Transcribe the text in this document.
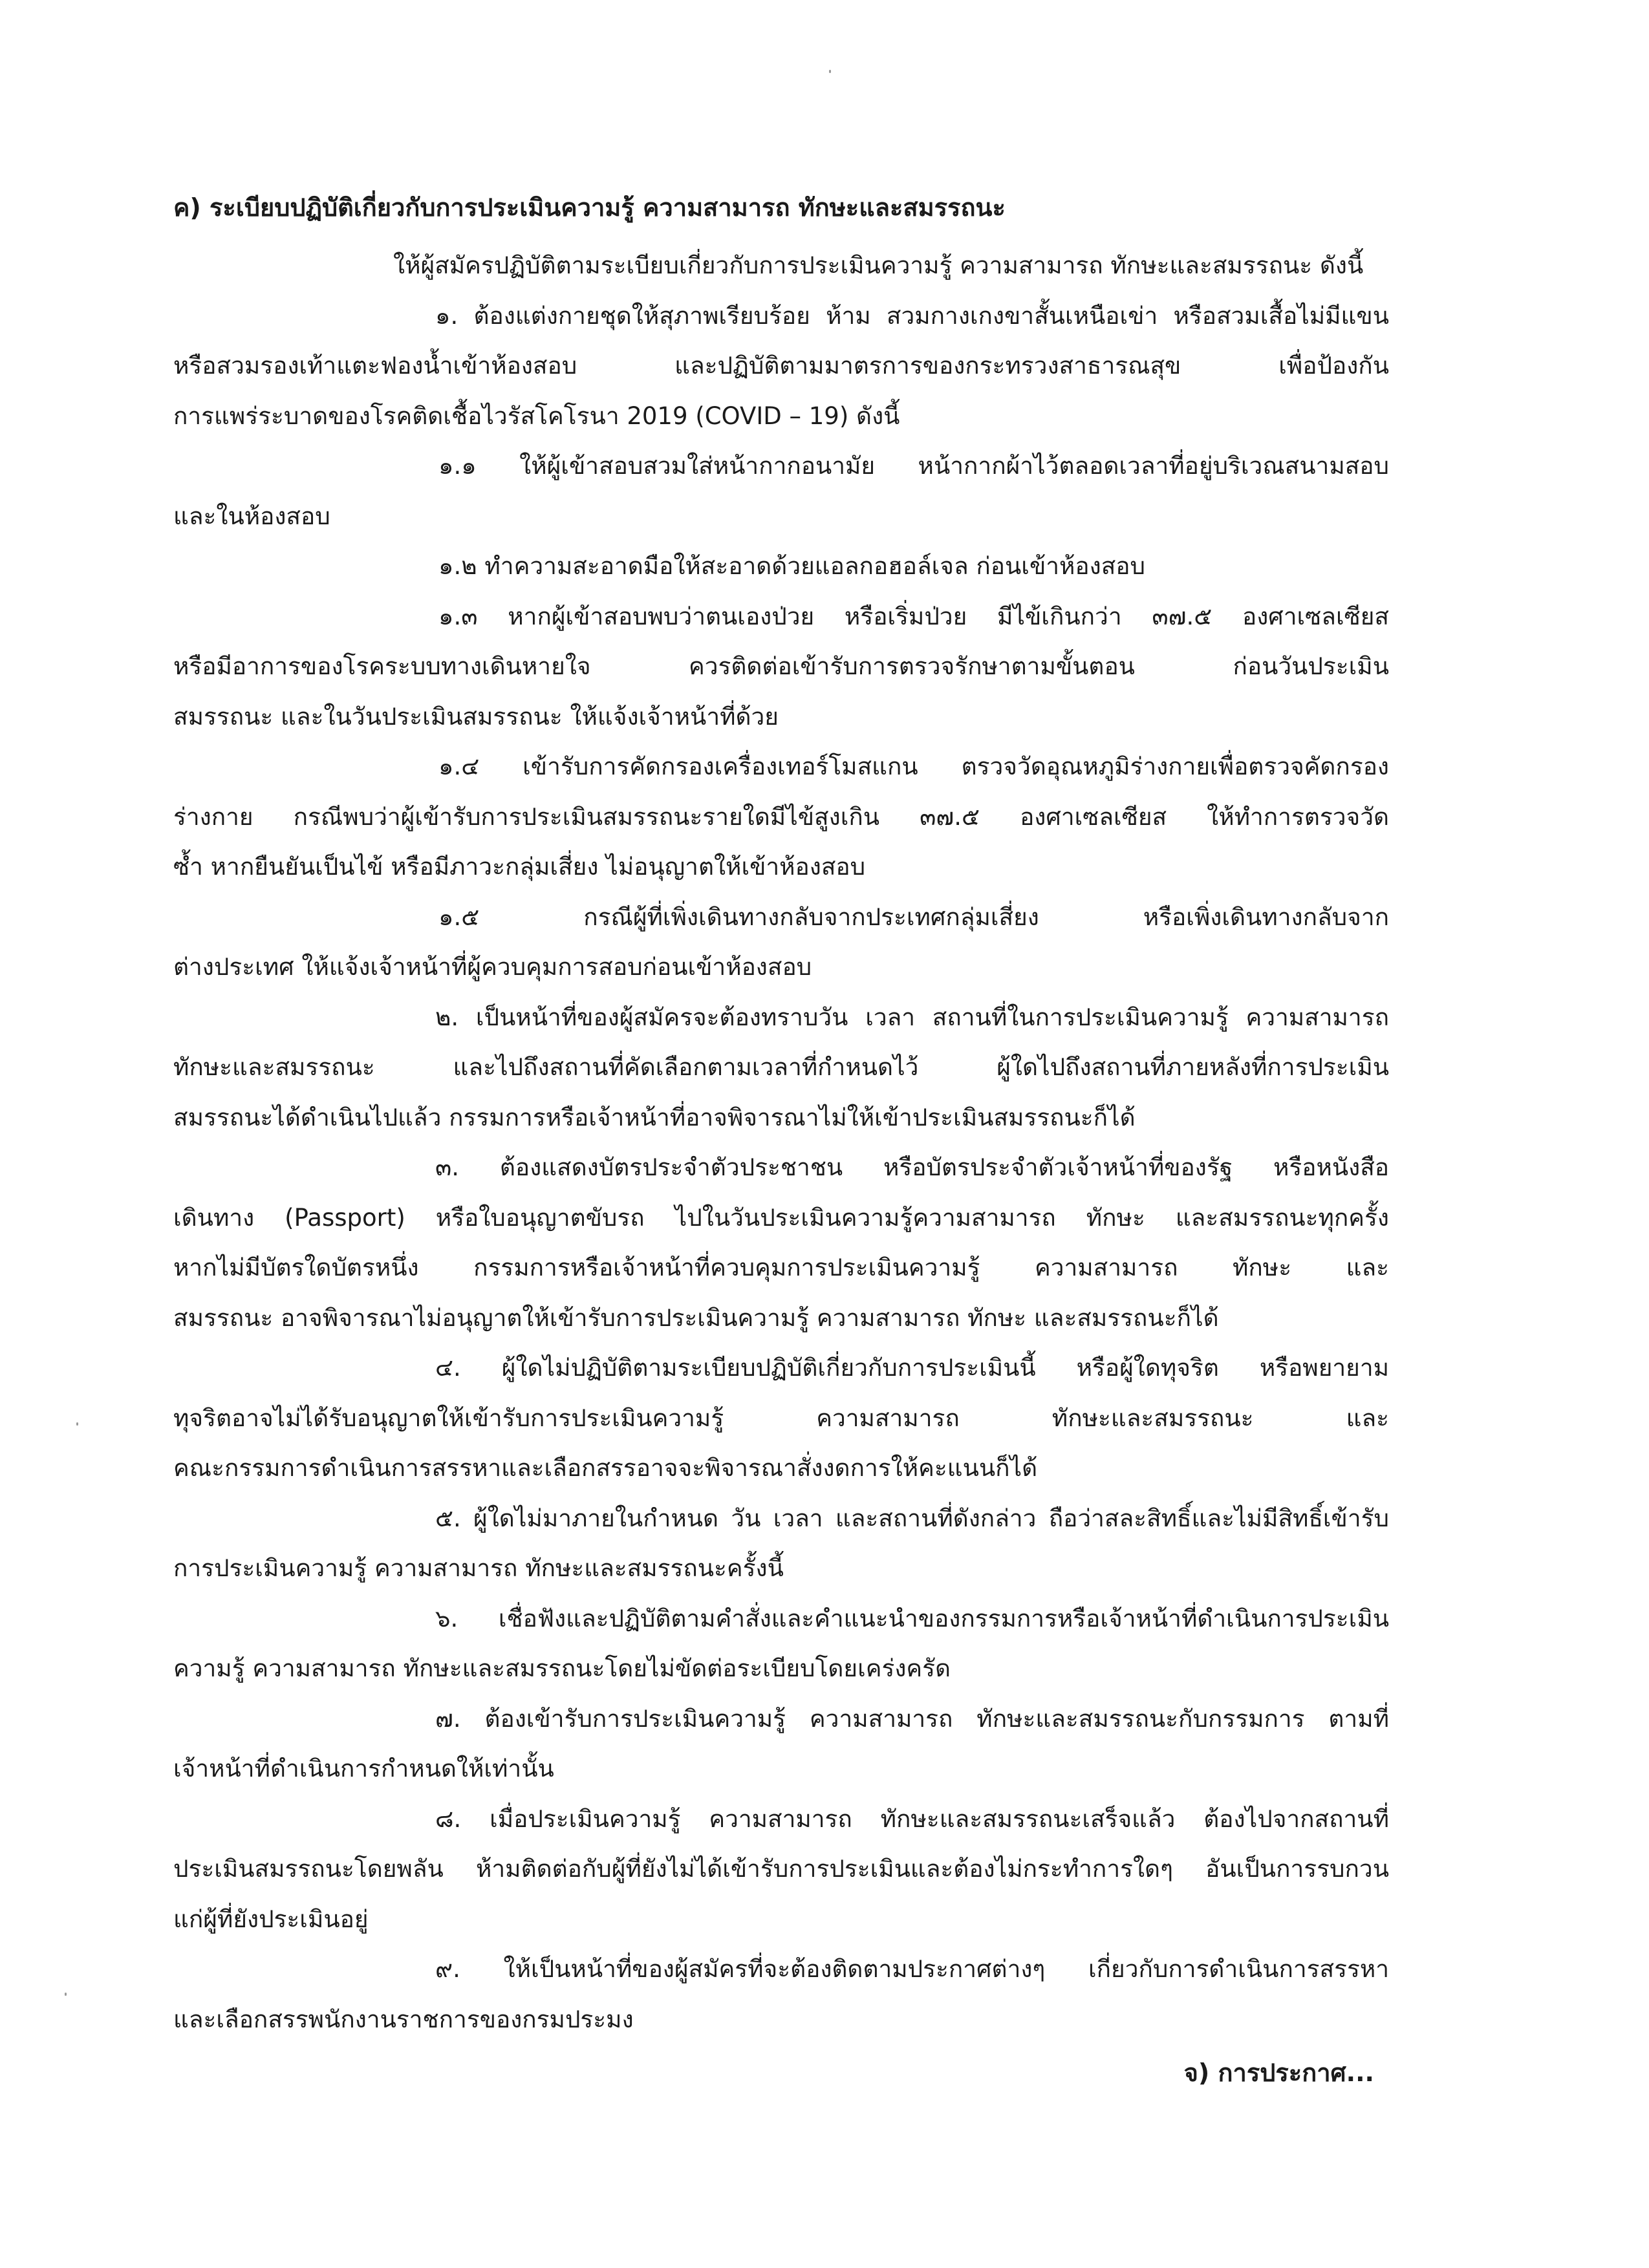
ค) ระเบียบปฏิบัติเกี่ยวกับการประเมินความรู้ ความสามารถ ทักษะและสมรรถนะ
ให้ผู้สมัครปฏิบัติตามระเบียบเกี่ยวกับการประเมินความรู้ ความสามารถ ทักษะและสมรรถนะ ดังนี้
๑. ต้องแต่งกายชุดให้สุภาพเรียบร้อย ห้าม สวมกางเกงขาสั้นเหนือเข่า หรือสวมเสื้อไม่มีแขน
หรือสวมรองเท้าแตะฟองน้ำเข้าห้องสอบ และปฏิบัติตามมาตรการของกระทรวงสาธารณสุข เพื่อป้องกัน
การแพร่ระบาดของโรคติดเชื้อไวรัสโคโรนา 2019 (COVID – 19) ดังนี้
๑.๑ ให้ผู้เข้าสอบสวมใส่หน้ากากอนามัย หน้ากากผ้าไว้ตลอดเวลาที่อยู่บริเวณสนามสอบ
และในห้องสอบ
๑.๒ ทำความสะอาดมือให้สะอาดด้วยแอลกอฮอล์เจล ก่อนเข้าห้องสอบ
๑.๓ หากผู้เข้าสอบพบว่าตนเองป่วย หรือเริ่มป่วย มีไข้เกินกว่า ๓๗.๕ องศาเซลเซียส
หรือมีอาการของโรคระบบทางเดินหายใจ ควรติดต่อเข้ารับการตรวจรักษาตามขั้นตอน ก่อนวันประเมิน
สมรรถนะ และในวันประเมินสมรรถนะ ให้แจ้งเจ้าหน้าที่ด้วย
๑.๔ เข้ารับการคัดกรองเครื่องเทอร์โมสแกน ตรวจวัดอุณหภูมิร่างกายเพื่อตรวจคัดกรอง
ร่างกาย กรณีพบว่าผู้เข้ารับการประเมินสมรรถนะรายใดมีไข้สูงเกิน ๓๗.๕ องศาเซลเซียส ให้ทำการตรวจวัด
ซ้ำ หากยืนยันเป็นไข้ หรือมีภาวะกลุ่มเสี่ยง ไม่อนุญาตให้เข้าห้องสอบ
๑.๕ กรณีผู้ที่เพิ่งเดินทางกลับจากประเทศกลุ่มเสี่ยง หรือเพิ่งเดินทางกลับจาก
ต่างประเทศ ให้แจ้งเจ้าหน้าที่ผู้ควบคุมการสอบก่อนเข้าห้องสอบ
๒. เป็นหน้าที่ของผู้สมัครจะต้องทราบวัน เวลา สถานที่ในการประเมินความรู้ ความสามารถ
ทักษะและสมรรถนะ และไปถึงสถานที่คัดเลือกตามเวลาที่กำหนดไว้ ผู้ใดไปถึงสถานที่ภายหลังที่การประเมิน
สมรรถนะได้ดำเนินไปแล้ว กรรมการหรือเจ้าหน้าที่อาจพิจารณาไม่ให้เข้าประเมินสมรรถนะก็ได้
๓. ต้องแสดงบัตรประจำตัวประชาชน หรือบัตรประจำตัวเจ้าหน้าที่ของรัฐ หรือหนังสือ
เดินทาง (Passport) หรือใบอนุญาตขับรถ ไปในวันประเมินความรู้ความสามารถ ทักษะ และสมรรถนะทุกครั้ง
หากไม่มีบัตรใดบัตรหนึ่ง กรรมการหรือเจ้าหน้าที่ควบคุมการประเมินความรู้ ความสามารถ ทักษะ และ
สมรรถนะ อาจพิจารณาไม่อนุญาตให้เข้ารับการประเมินความรู้ ความสามารถ ทักษะ และสมรรถนะก็ได้
๔. ผู้ใดไม่ปฏิบัติตามระเบียบปฏิบัติเกี่ยวกับการประเมินนี้ หรือผู้ใดทุจริต หรือพยายาม
ทุจริตอาจไม่ได้รับอนุญาตให้เข้ารับการประเมินความรู้ ความสามารถ ทักษะและสมรรถนะ และ
คณะกรรมการดำเนินการสรรหาและเลือกสรรอาจจะพิจารณาสั่งงดการให้คะแนนก็ได้
๕. ผู้ใดไม่มาภายในกำหนด วัน เวลา และสถานที่ดังกล่าว ถือว่าสละสิทธิ์และไม่มีสิทธิ์เข้ารับ
การประเมินความรู้ ความสามารถ ทักษะและสมรรถนะครั้งนี้
๖. เชื่อฟังและปฏิบัติตามคำสั่งและคำแนะนำของกรรมการหรือเจ้าหน้าที่ดำเนินการประเมิน
ความรู้ ความสามารถ ทักษะและสมรรถนะโดยไม่ขัดต่อระเบียบโดยเคร่งครัด
๗. ต้องเข้ารับการประเมินความรู้ ความสามารถ ทักษะและสมรรถนะกับกรรมการ ตามที่
เจ้าหน้าที่ดำเนินการกำหนดให้เท่านั้น
๘. เมื่อประเมินความรู้ ความสามารถ ทักษะและสมรรถนะเสร็จแล้ว ต้องไปจากสถานที่
ประเมินสมรรถนะโดยพลัน ห้ามติดต่อกับผู้ที่ยังไม่ได้เข้ารับการประเมินและต้องไม่กระทำการใดๆ อันเป็นการรบกวน
แก่ผู้ที่ยังประเมินอยู่
๙. ให้เป็นหน้าที่ของผู้สมัครที่จะต้องติดตามประกาศต่างๆ เกี่ยวกับการดำเนินการสรรหา
และเลือกสรรพนักงานราชการของกรมประมง
จ) การประกาศ...
